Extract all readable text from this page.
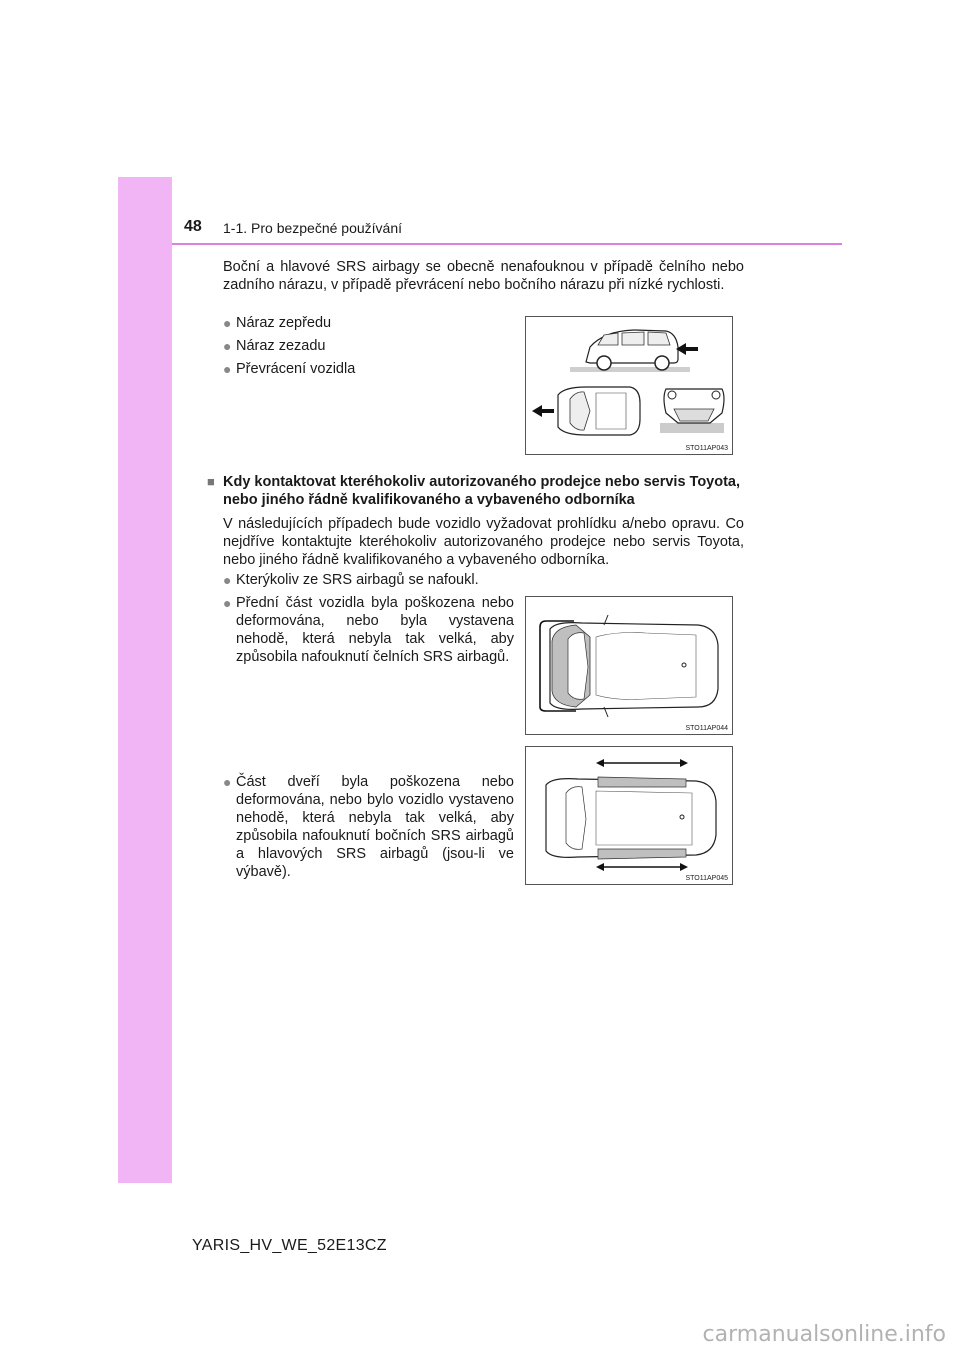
48 1-1. Pro bezpečné používání

Boční a hlavové SRS airbagy se obecně nenafouknou v případě čelního nebo zadního nárazu, v případě převrácení nebo bočního nárazu při nízké rychlosti.

● Náraz zepředu
● Náraz zezadu
● Převrácení vozidla
STO11AP043
■ Kdy kontaktovat kteréhokoliv autorizovaného prodejce nebo servis Toyota, nebo jiného řádně kvalifikovaného a vybaveného odborníka

V následujících případech bude vozidlo vyžadovat prohlídku a/nebo opravu. Co nejdříve kontaktujte kteréhokoliv autorizovaného prodejce nebo servis Toyota, nebo jiného řádně kvalifikovaného a vybaveného odborníka.

● Kterýkoliv ze SRS airbagů se nafoukl.
● Přední část vozidla byla poškozena nebo deformována, nebo byla vystavena nehodě, která nebyla tak velká, aby způsobila nafouknutí čelních SRS airbagů.
STO11AP044
● Část dveří byla poškozena nebo deformována, nebo bylo vozidlo vystaveno nehodě, která nebyla tak velká, aby způsobila nafouknutí bočních SRS airbagů a hlavových SRS airbagů (jsou-li ve výbavě).	STO11AP045
YARIS_HV_WE_52E13CZ
carmanualsonline.info
